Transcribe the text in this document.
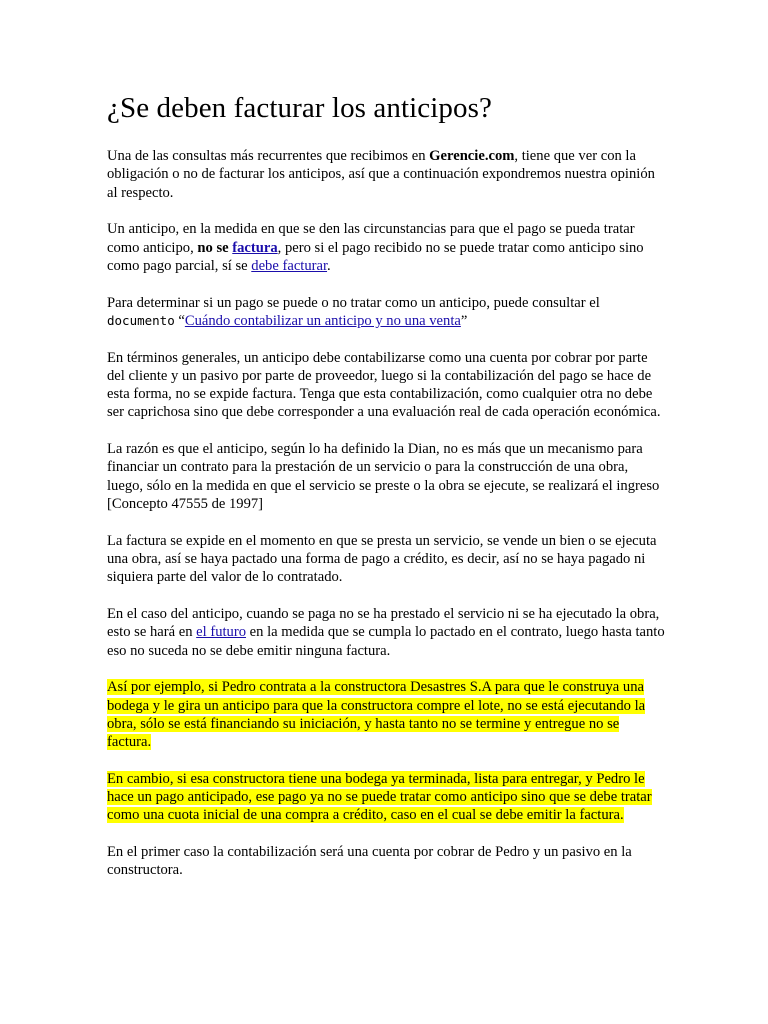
¿Se deben facturar los anticipos?

Una de las consultas más recurrentes que recibimos en Gerencie.com, tiene que ver con la obligación o no de facturar los anticipos, así que a continuación expondremos nuestra opinión al respecto.

Un anticipo, en la medida en que se den las circunstancias para que el pago se pueda tratar como anticipo, no se factura, pero si el pago recibido no se puede tratar como anticipo sino como pago parcial, sí se debe facturar.

Para determinar si un pago se puede o no tratar como un anticipo, puede consultar el documento “Cuándo contabilizar un anticipo y no una venta”

En términos generales, un anticipo debe contabilizarse como una cuenta por cobrar por parte del cliente y un pasivo por parte de proveedor, luego si la contabilización del pago se hace de esta forma, no se expide factura. Tenga que esta contabilización, como cualquier otra no debe ser caprichosa sino que debe corresponder a una evaluación real de cada operación económica.

La razón es que el anticipo, según lo ha definido la Dian, no es más que un mecanismo para financiar un contrato para la prestación de un servicio o para la construcción de una obra, luego, sólo en la medida en que el servicio se preste o la obra se ejecute, se realizará el ingreso [Concepto 47555 de 1997]

La factura se expide en el momento en que se presta un servicio, se vende un bien o se ejecuta una obra, así se haya pactado una forma de pago a crédito, es decir, así no se haya pagado ni siquiera parte del valor de lo contratado.

En el caso del anticipo, cuando se paga no se ha prestado el servicio ni se ha ejecutado la obra, esto se hará en el futuro en la medida que se cumpla lo pactado en el contrato, luego hasta tanto eso no suceda no se debe emitir ninguna factura.

Así por ejemplo, si Pedro contrata a la constructora Desastres S.A para que le construya una bodega y le gira un anticipo para que la constructora compre el lote, no se está ejecutando la obra, sólo se está financiando su iniciación, y hasta tanto no se termine y entregue no se factura.

En cambio, si esa constructora tiene una bodega ya terminada, lista para entregar, y Pedro le hace un pago anticipado, ese pago ya no se puede tratar como anticipo sino que se debe tratar como una cuota inicial de una compra a crédito, caso en el cual se debe emitir la factura.

En el primer caso la contabilización será una cuenta por cobrar de Pedro y un pasivo en la constructora.
